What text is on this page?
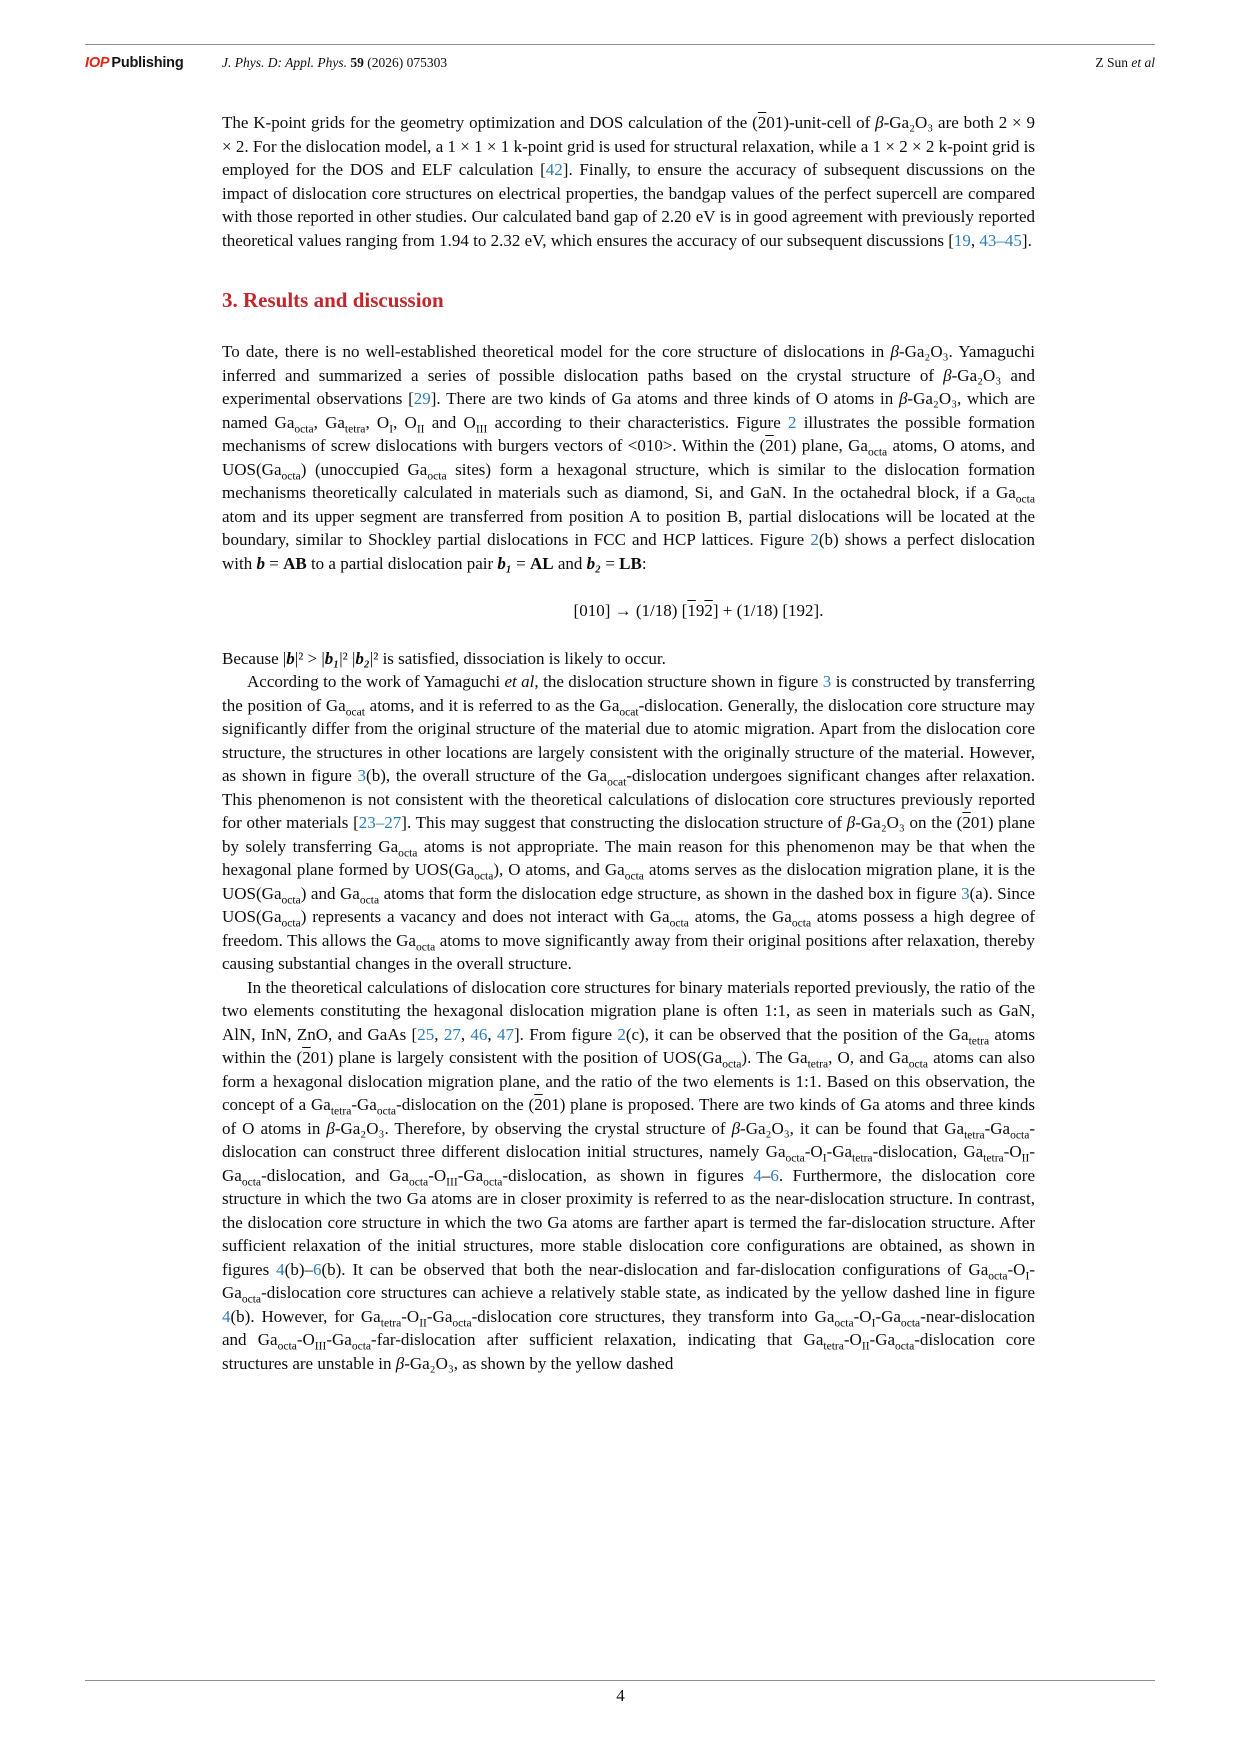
IOP Publishing	J. Phys. D: Appl. Phys. 59 (2026) 075303	Z Sun et al

The K-point grids for the geometry optimization and DOS calculation of the (201)-unit-cell of β-Ga₂O₃ are both 2 × 9 × 2. For the dislocation model, a 1 × 1 × 1 k-point grid is used for structural relaxation, while a 1 × 2 × 2 k-point grid is employed for the DOS and ELF calculation [42]. Finally, to ensure the accuracy of subsequent discussions on the impact of dislocation core structures on electrical properties, the bandgap values of the perfect supercell are compared with those reported in other studies. Our calculated band gap of 2.20 eV is in good agreement with previously reported theoretical values ranging from 1.94 to 2.32 eV, which ensures the accuracy of our subsequent discussions [19, 43–45].

3. Results and discussion

To date, there is no well-established theoretical model for the core structure of dislocations in β-Ga₂O₃. Yamaguchi inferred and summarized a series of possible dislocation paths based on the crystal structure of β-Ga₂O₃ and experimental observations [29]. There are two kinds of Ga atoms and three kinds of O atoms in β-Ga₂O₃, which are named $Ga_{octa}$, $Ga_{tetra}$, $O_I$, $O_{II}$ and $O_{III}$ according to their characteristics. Figure 2 illustrates the possible formation mechanisms of screw dislocations with burgers vectors of <010>. Within the (201) plane, $Ga_{octa}$ atoms, O atoms, and $UOS(Ga_{octa})$ (unoccupied $Ga_{octa}$ sites) form a hexagonal structure, which is similar to the dislocation formation mechanisms theoretically calculated in materials such as diamond, Si, and GaN. In the octahedral block, if a $Ga_{octa}$ atom and its upper segment are transferred from position A to position B, partial dislocations will be located at the boundary, similar to Shockley partial dislocations in FCC and HCP lattices. Figure 2(b) shows a perfect dislocation with b = AB to a partial dislocation pair b₁ = AL and b₂ = LB:

[010] → (1/18) [192] + (1/18) [192].

Because |b|² > |b₁|² |b₂|² is satisfied, dissociation is likely to occur.

According to the work of Yamaguchi et al, the dislocation structure shown in figure 3 is constructed by transferring the position of $Ga_{ocat}$ atoms, and it is referred to as the $Ga_{ocat}$-dislocation. Generally, the dislocation core structure may significantly differ from the original structure of the material due to atomic migration. Apart from the dislocation core structure, the structures in other locations are largely consistent with the originally structure of the material. However, as shown in figure 3(b), the overall structure of the $Ga_{ocat}$-dislocation undergoes significant changes after relaxation. This phenomenon is not consistent with the theoretical calculations of dislocation core structures previously reported for other materials [23–27]. This may suggest that constructing the dislocation structure of β-Ga₂O₃ on the (201) plane by solely transferring $Ga_{octa}$ atoms is not appropriate. The main reason for this phenomenon may be that when the hexagonal plane formed by $UOS(Ga_{octa})$, O atoms, and $Ga_{octa}$ atoms serves as the dislocation migration plane, it is the $UOS(Ga_{octa})$ and $Ga_{octa}$ atoms that form the dislocation edge structure, as shown in the dashed box in figure 3(a). Since $UOS(Ga_{octa})$ represents a vacancy and does not interact with $Ga_{octa}$ atoms, the $Ga_{octa}$ atoms possess a high degree of freedom. This allows the $Ga_{octa}$ atoms to move significantly away from their original positions after relaxation, thereby causing substantial changes in the overall structure.

In the theoretical calculations of dislocation core structures for binary materials reported previously, the ratio of the two elements constituting the hexagonal dislocation migration plane is often 1:1, as seen in materials such as GaN, AlN, InN, ZnO, and GaAs [25, 27, 46, 47]. From figure 2(c), it can be observed that the position of the $Ga_{tetra}$ atoms within the (201) plane is largely consistent with the position of $UOS(Ga_{octa})$. The $Ga_{tetra}$, O, and $Ga_{octa}$ atoms can also form a hexagonal dislocation migration plane, and the ratio of the two elements is 1:1. Based on this observation, the concept of a $Ga_{tetra}-Ga_{octa}$-dislocation on the (201) plane is proposed. There are two kinds of Ga atoms and three kinds of O atoms in β-Ga₂O₃. Therefore, by observing the crystal structure of β-Ga₂O₃, it can be found that $Ga_{tetra}-Ga_{octa}$-dislocation can construct three different dislocation initial structures, namely $Ga_{octa}-O_I-Ga_{tetra}$-dislocation, $Ga_{tetra}-O_{II}-Ga_{octa}$-dislocation, and $Ga_{octa}-O_{III}-Ga_{octa}$-dislocation, as shown in figures 4–6. Furthermore, the dislocation core structure in which the two Ga atoms are in closer proximity is referred to as the near-dislocation structure. In contrast, the dislocation core structure in which the two Ga atoms are farther apart is termed the far-dislocation structure. After sufficient relaxation of the initial structures, more stable dislocation core configurations are obtained, as shown in figures 4(b)–6(b). It can be observed that both the near-dislocation and far-dislocation configurations of $Ga_{octa}-O_I-Ga_{octa}$-dislocation core structures can achieve a relatively stable state, as indicated by the yellow dashed line in figure 4(b). However, for $Ga_{tetra}-O_{II}-Ga_{octa}$-dislocation core structures, they transform into $Ga_{octa}-O_I-Ga_{octa}-near$-dislocation and $Ga_{octa}-O_{III}-Ga_{octa}-far$-dislocation after sufficient relaxation, indicating that $Ga_{tetra}-O_{II}-Ga_{octa}$-dislocation core structures are unstable in β-Ga₂O₃, as shown by the yellow dashed

4
